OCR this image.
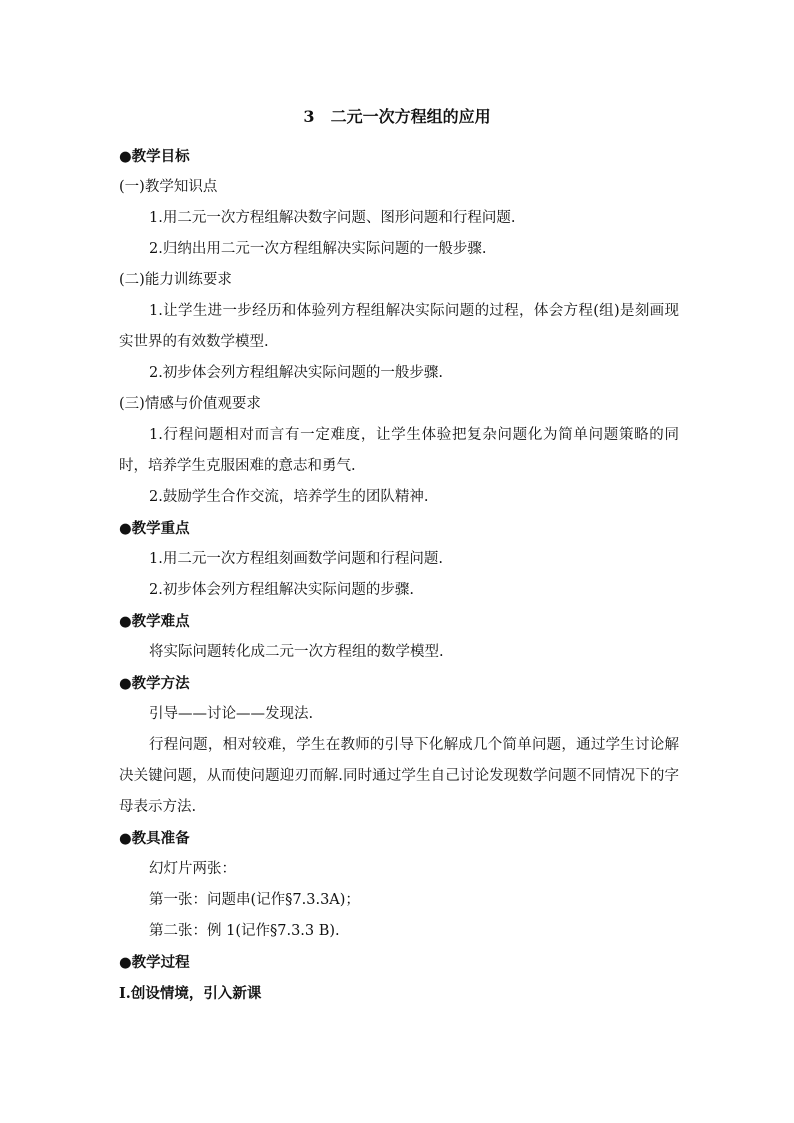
3 二元一次方程组的应用
●教学目标
(一)教学知识点
1.用二元一次方程组解决数字问题、图形问题和行程问题.
2.归纳出用二元一次方程组解决实际问题的一般步骤.
(二)能力训练要求
1.让学生进一步经历和体验列方程组解决实际问题的过程，体会方程(组)是刻画现实世界的有效数学模型.
2.初步体会列方程组解决实际问题的一般步骤.
(三)情感与价值观要求
1.行程问题相对而言有一定难度，让学生体验把复杂问题化为简单问题策略的同时，培养学生克服困难的意志和勇气.
2.鼓励学生合作交流，培养学生的团队精神.
●教学重点
1.用二元一次方程组刻画数学问题和行程问题.
2.初步体会列方程组解决实际问题的步骤.
●教学难点
将实际问题转化成二元一次方程组的数学模型.
●教学方法
引导——讨论——发现法.
行程问题，相对较难，学生在教师的引导下化解成几个简单问题，通过学生讨论解决关键问题，从而使问题迎刃而解.同时通过学生自己讨论发现数学问题不同情况下的字母表示方法.
●教具准备
幻灯片两张：
第一张：问题串(记作§7.3.3A)；
第二张：例 1(记作§7.3.3 B).
●教学过程
Ⅰ.创设情境，引入新课
